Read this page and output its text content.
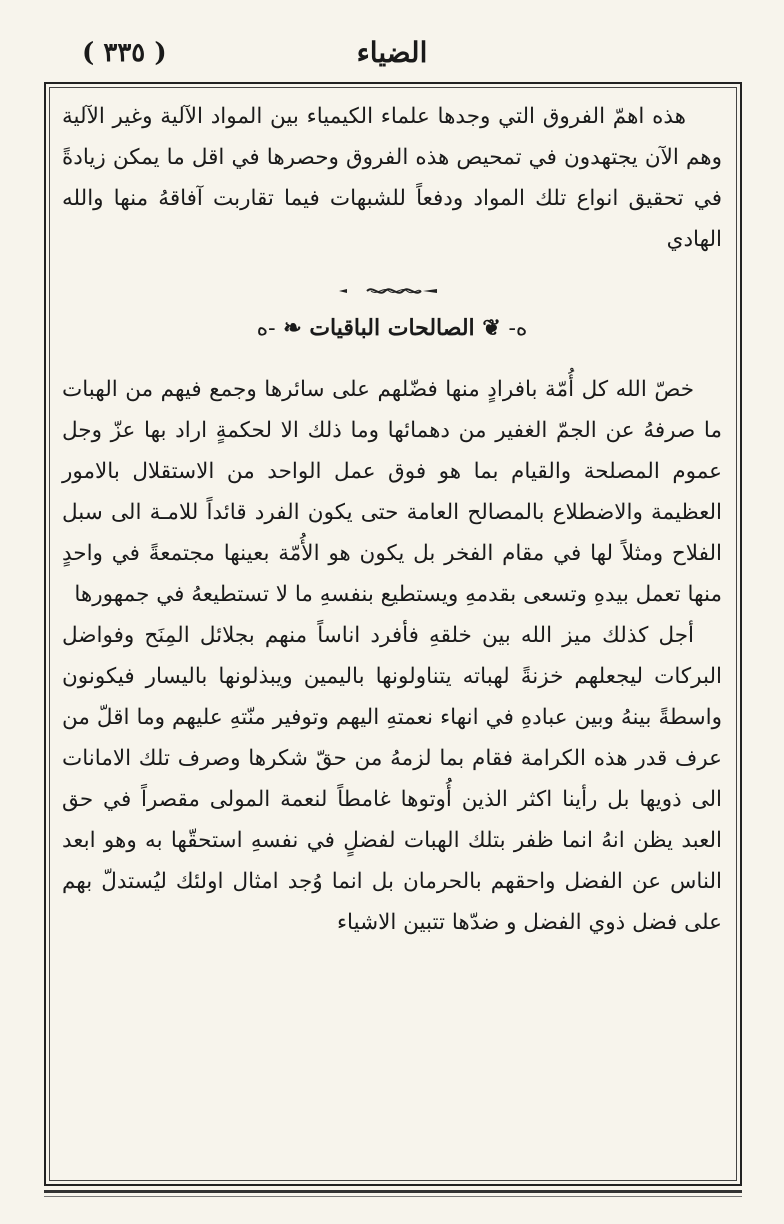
( ٣٣٥ )	الضياء

هذه اهمّ الفروق التي وجدها علماء الكيمياء بين المواد الآلية وغير الآلية وهم الآن يجتهدون في تمحيص هذه الفروق وحصرها في اقل ما يمكن زيادةً في تحقيق انواع تلك المواد ودفعاً للشبهات فيما تقاربت آفاقهُ منها والله الهادي

ﻩ- ❦ الصالحات الباقيات ❧ -ﻩ

خصّ الله كل أُمّة بافرادٍ منها فضّلهم على سائرها وجمع فيهم من الهبات ما صرفهُ عن الجمّ الغفير من دهمائها وما ذلك الا لحكمةٍ اراد بها عزّ وجل عموم المصلحة والقيام بما هو فوق عمل الواحد من الاستقلال بالامور العظيمة والاضطلاع بالمصالح العامة حتى يكون الفرد قائداً للامـة الى سبل الفلاح ومثلاً لها في مقام الفخر بل يكون هو الأُمّة بعينها مجتمعةً في واحدٍ منها تعمل بيدهِ وتسعى بقدمهِ ويستطيع بنفسهِ ما لا تستطيعهُ في جمهورها

أجل كذلك ميز الله بين خلقهِ فأفرد اناساً منهم بجلائل المِنَح وفواضل البركات ليجعلهم خزنةً لهباته يتناولونها باليمين ويبذلونها باليسار فيكونون واسطةً بينهُ وبين عبادهِ في انهاء نعمتهِ اليهم وتوفير منّتهِ عليهم وما اقلّ من عرف قدر هذه الكرامة فقام بما لزمهُ من حقّ شكرها وصرف تلك الامانات الى ذويها بل رأينا اكثر الذين أُوتوها غامطاً لنعمة المولى مقصراً في حق العبد يظن انهُ انما ظفر بتلك الهبات لفضلٍ في نفسهِ استحقّها به وهو ابعد الناس عن الفضل واحقهم بالحرمان بل انما وُجد امثال اولئك ليُستدلّ بهم على فضل ذوي الفضل و ضدّها تتبين الاشياء
